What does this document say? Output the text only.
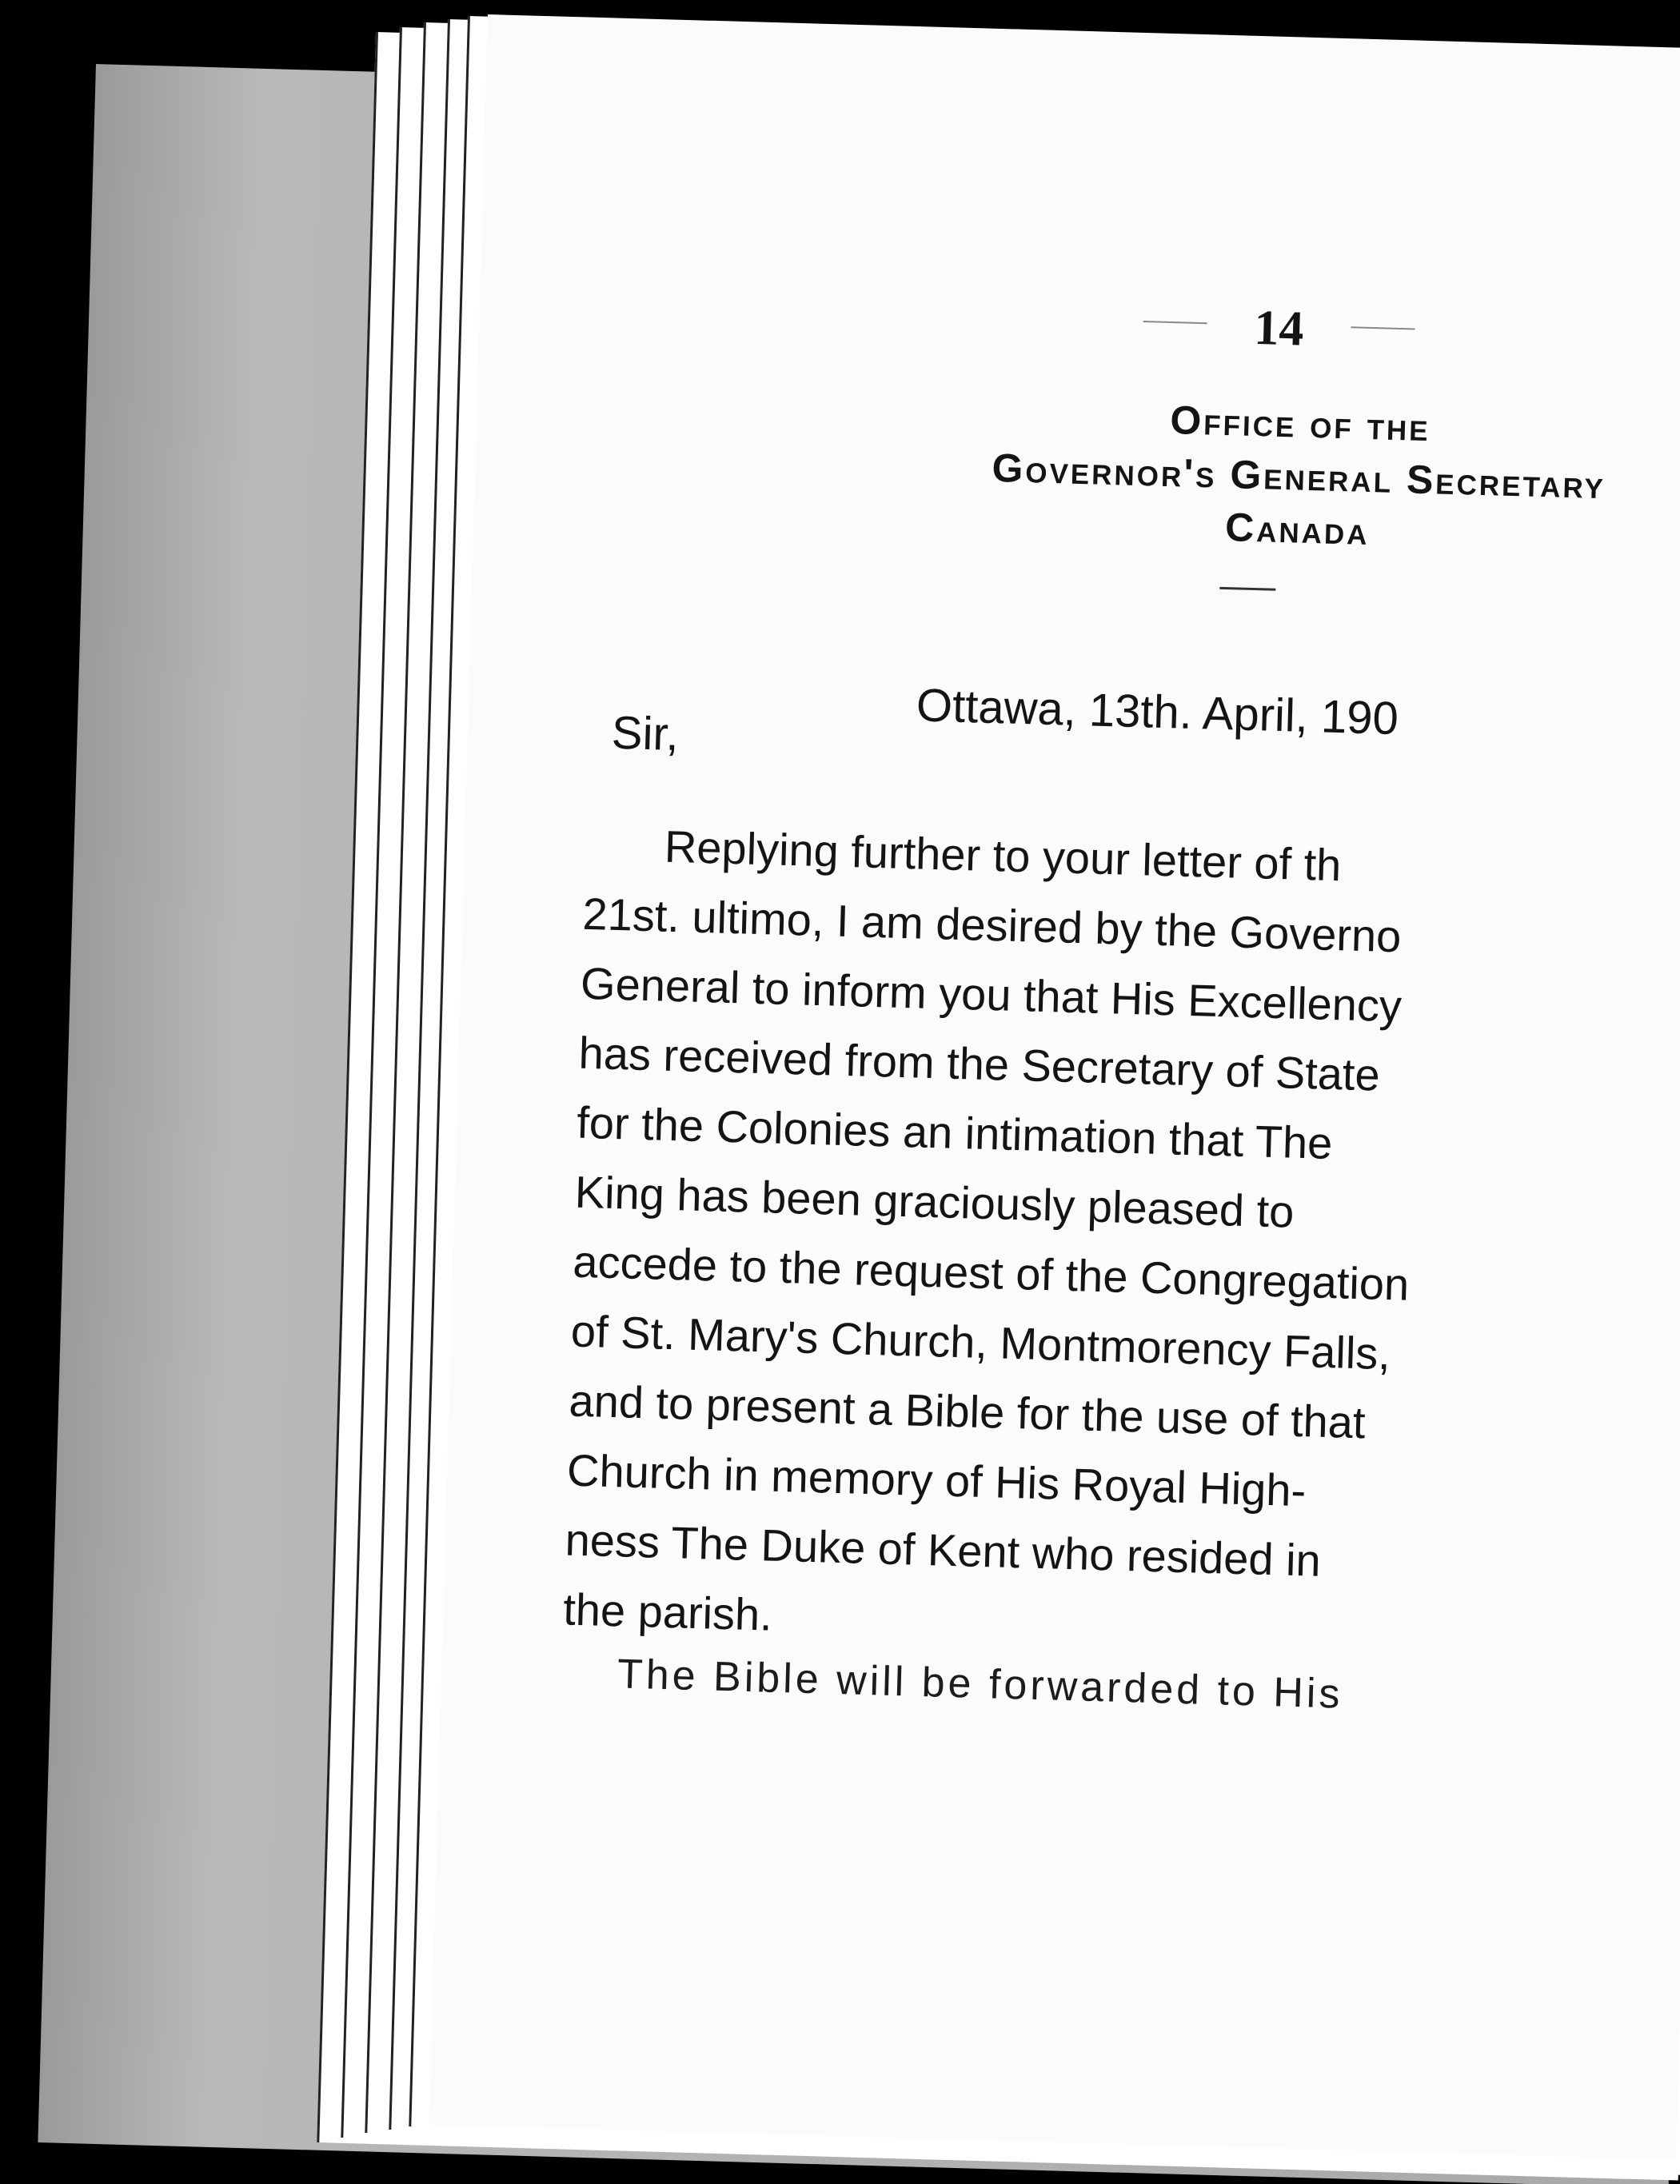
14
Office of the
Governor's General Secretary
Canada
Ottawa, 13th. April, 190
Sir,
Replying further to your letter of th
21st. ultimo, I am desired by the Governo
General to inform you that His Excellency
has received from the Secretary of State
for the Colonies an intimation that The
King has been graciously pleased to
accede to the request of the Congregation
of St. Mary's Church, Montmorency Falls,
and to present a Bible for the use of that
Church in memory of His Royal High-
ness The Duke of Kent who resided in
the parish.
The Bible will be forwarded to His
